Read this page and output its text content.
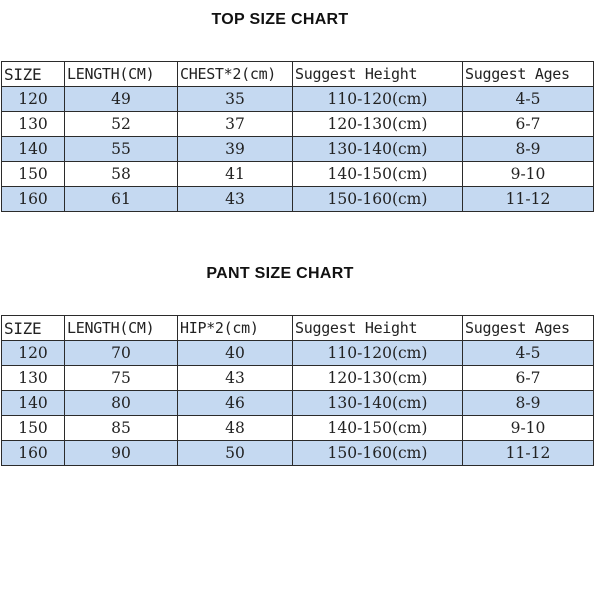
TOP SIZE CHART
SIZE	LENGTH(CM)	CHEST*2(cm)	Suggest Height	Suggest Ages
120	49	35	110-120(cm)	4-5
130	52	37	120-130(cm)	6-7
140	55	39	130-140(cm)	8-9
150	58	41	140-150(cm)	9-10
160	61	43	150-160(cm)	11-12
PANT SIZE CHART
SIZE	LENGTH(CM)	HIP*2(cm)	Suggest Height	Suggest Ages
120	70	40	110-120(cm)	4-5
130	75	43	120-130(cm)	6-7
140	80	46	130-140(cm)	8-9
150	85	48	140-150(cm)	9-10
160	90	50	150-160(cm)	11-12
